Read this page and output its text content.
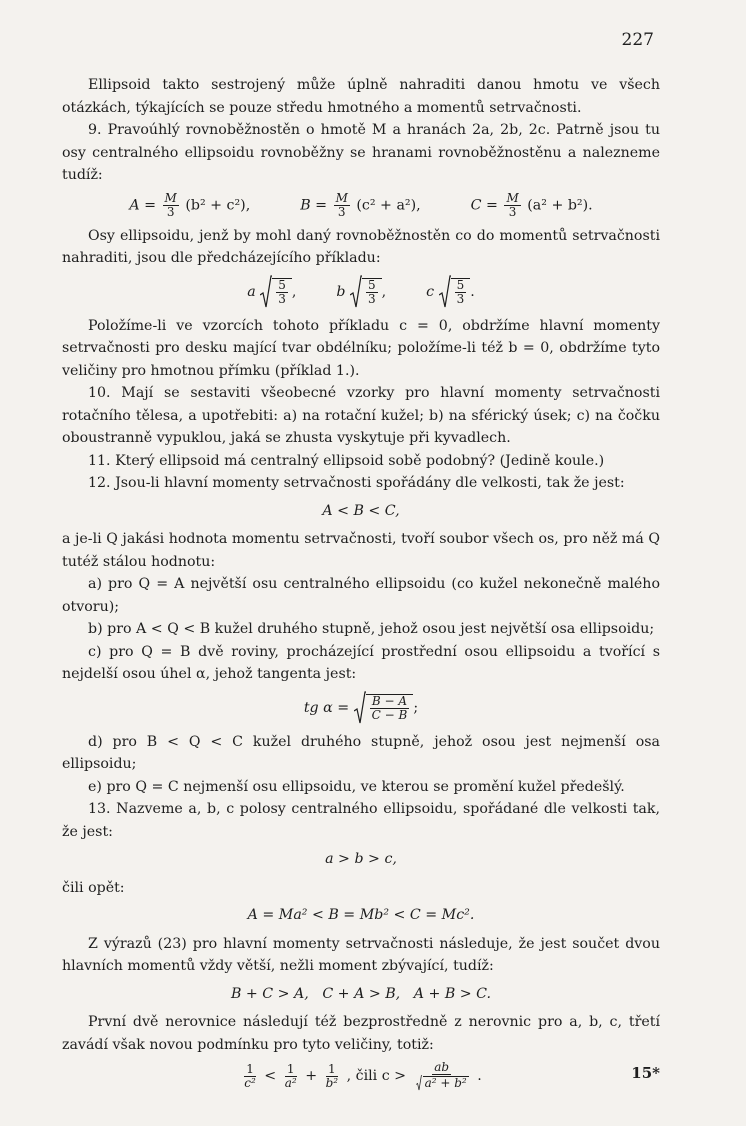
227

Ellipsoid takto sestrojený může úplně nahraditi danou hmotu ve všech otázkách, týkajících se pouze středu hmotného a momentů setrvačnosti.

9. Pravoúhlý rovnoběžnostěn o hmotě M a hranách 2a, 2b, 2c. Patrně jsou tu osy centralného ellipsoidu rovnoběžny se hranami rovnoběžnostěnu a nalezneme tudíž:

$A = \frac{M}{3} (b^2 + c^2)$,	$B = \frac{M}{3} (c^2 + a^2)$,	$C = \frac{M}{3} (a^2 + b^2)$.

Osy ellipsoidu, jenž by mohl daný rovnoběžnostěn co do momentů setrvačnosti nahraditi, jsou dle předcházejícího příkladu:

a $\frac{5}{3}$ ,	b $\frac{5}{3}$ ,	c $\frac{5}{3}$ .

Položíme-li ve vzorcích tohoto příkladu c = 0, obdržíme hlavní momenty setrvačnosti pro desku mající tvar obdélníku; položíme-li též b = 0, obdržíme tyto veličiny pro hmotnou přímku (příklad 1.).

10. Mají se sestaviti všeobecné vzorky pro hlavní momenty setrvačnosti rotačního tělesa, a upotřebiti: a) na rotační kužel; b) na sférický úsek; c) na čočku oboustranně vypuklou, jaká se zhusta vyskytuje při kyvadlech.

11. Který ellipsoid má centralný ellipsoid sobě podobný? (Jedině koule.)

12. Jsou-li hlavní momenty setrvačnosti spořádány dle velkosti, tak že jest:

A < B < C,

a je-li Q jakási hodnota momentu setrvačnosti, tvoří soubor všech os, pro něž má Q tutéž stálou hodnotu:

a) pro Q = A největší osu centralného ellipsoidu (co kužel nekonečně malého otvoru);

b) pro A < Q < B kužel druhého stupně, jehož osou jest největší osa ellipsoidu;

c) pro Q = B dvě roviny, procházející prostřední osou ellipsoidu a tvořící s nejdelší osou úhel α, jehož tangenta jest:

tg $\alpha = \frac{B - A}{C - B}$ ;

d) pro B < Q < C kužel druhého stupně, jehož osou jest nejmenší osa ellipsoidu;

e) pro Q = C nejmenší osu ellipsoidu, ve kterou se promění kužel předešlý.

13. Nazveme a, b, c polosy centralného ellipsoidu, spořádané dle velkosti tak, že jest:

a > b > c,

čili opět:

A = Ma² < B = Mb² < C = Mc².

Z výrazů (23) pro hlavní momenty setrvačnosti následuje, že jest součet dvou hlavních momentů vždy větší, nežli moment zbývající, tudíž:

B + C > A,   C + A > B,   A + B > C.

První dvě nerovnice následují též bezprostředně z nerovnic pro a, b, c, třetí zavádí však novou podmínku pro tyto veličiny, totiž:

$\frac{1}{\text{c²}} < \frac{1}{\text{a²}} + \frac{1}{\text{b²}}$ , čili $c > \frac{ab}{\text{a² + b²}}$ .	15*
